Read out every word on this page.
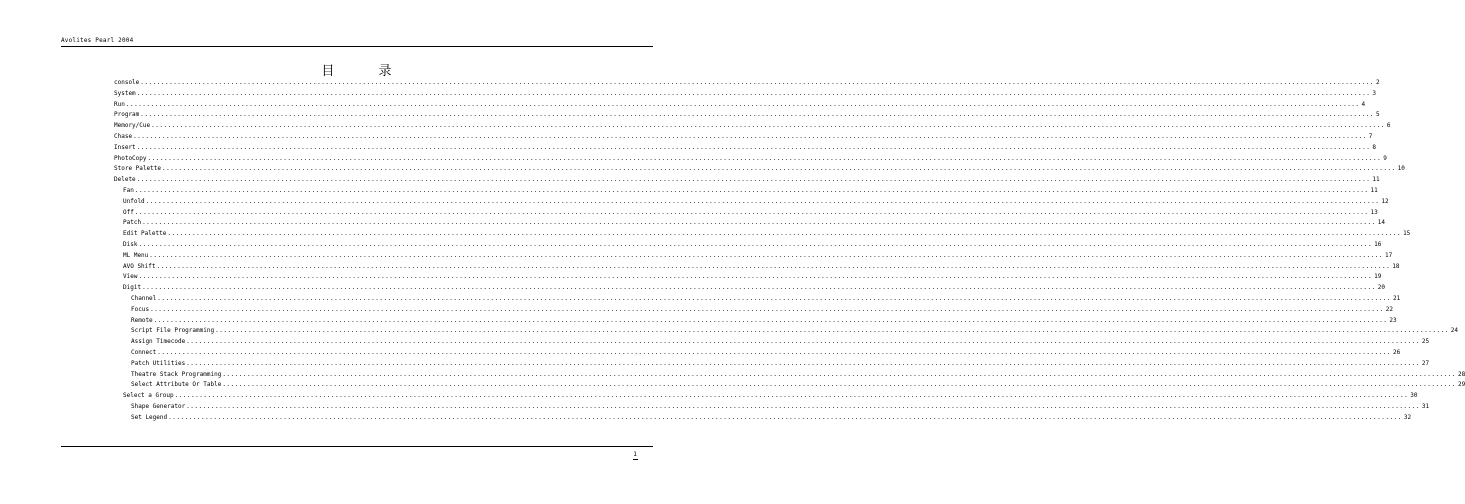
Avolites Pearl 2004
目 录
console ............................................................................................................................................................................................................................................................................................................ 2
System ............................................................................................................................................................................................................................................................................................................ 3
Run ............................................................................................................................................................................................................................................................................................................ 4
Program ............................................................................................................................................................................................................................................................................................................ 5
Memory/Cue ............................................................................................................................................................................................................................................................................................................ 6
Chase ............................................................................................................................................................................................................................................................................................................ 7
Insert ............................................................................................................................................................................................................................................................................................................ 8
PhotoCopy ............................................................................................................................................................................................................................................................................................................ 9
Store Palette ............................................................................................................................................................................................................................................................................................................ 10
Delete ............................................................................................................................................................................................................................................................................................................ 11
Fan ............................................................................................................................................................................................................................................................................................................ 11
Unfold ............................................................................................................................................................................................................................................................................................................ 12
Off ............................................................................................................................................................................................................................................................................................................ 13
Patch ............................................................................................................................................................................................................................................................................................................ 14
Edit Palette ............................................................................................................................................................................................................................................................................................................ 15
Disk ............................................................................................................................................................................................................................................................................................................ 16
ML Menu ............................................................................................................................................................................................................................................................................................................ 17
AVO Shift ............................................................................................................................................................................................................................................................................................................ 18
View ............................................................................................................................................................................................................................................................................................................ 19
Digit ............................................................................................................................................................................................................................................................................................................ 20
Channel ............................................................................................................................................................................................................................................................................................................ 21
Focus ............................................................................................................................................................................................................................................................................................................ 22
Remote ............................................................................................................................................................................................................................................................................................................ 23
Script File Programming ............................................................................................................................................................................................................................................................................................................ 24
Assign Timecode ............................................................................................................................................................................................................................................................................................................ 25
Connect ............................................................................................................................................................................................................................................................................................................ 26
Patch Utilities ............................................................................................................................................................................................................................................................................................................ 27
Theatre Stack Programming ............................................................................................................................................................................................................................................................................................................ 28
Select Attribute Or Table ............................................................................................................................................................................................................................................................................................................ 29
Select a Group ............................................................................................................................................................................................................................................................................................................ 30
Shape Generator ............................................................................................................................................................................................................................................................................................................ 31
Set Legend ............................................................................................................................................................................................................................................................................................................ 32
1
